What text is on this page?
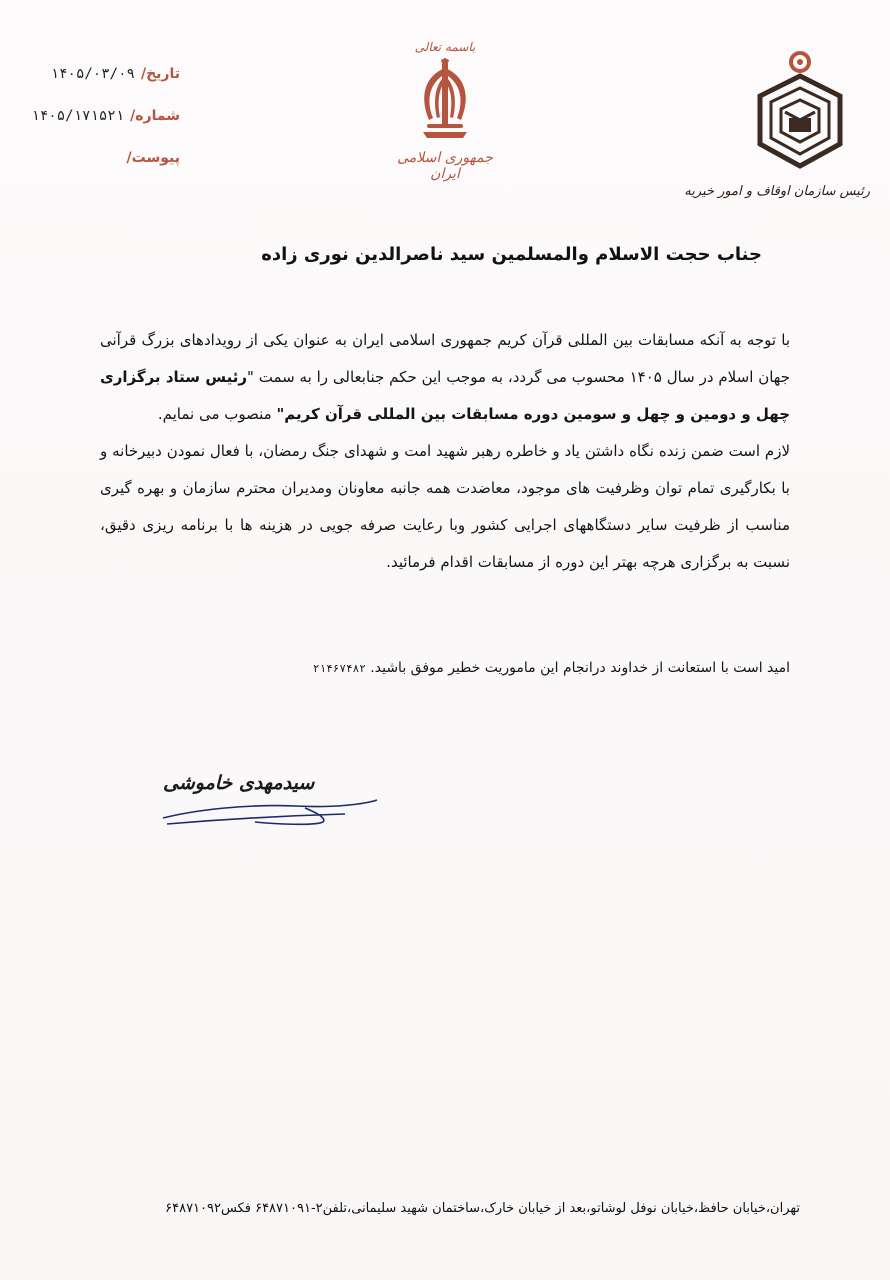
تاریخ/
۱۴۰۵/۰۳/۰۹
شماره/
۱۴۰۵/۱۷۱۵۲۱
پیوست/
باسمه تعالی
جمهوری اسلامی ایران
رئیس سازمان اوقاف و امور خیریه
جناب حجت الاسلام والمسلمین سید ناصرالدین نوری زاده

با توجه به آنکه مسابقات بین المللی قرآن کریم جمهوری اسلامی ایران به عنوان یکی از رویدادهای بزرگ قرآنی جهان اسلام در سال ۱۴۰۵ محسوب می گردد، به موجب این حکم جنابعالی را به سمت "رئیس ستاد برگزاری چهل و دومین و چهل و سومین دوره مسابقات بین المللی قرآن کریم" منصوب می نمایم.

لازم است ضمن زنده نگاه داشتن یاد و خاطره رهبر شهید امت و شهدای جنگ رمضان، با فعال نمودن دبیرخانه و با بکارگیری تمام توان وظرفیت های موجود، معاضدت همه جانبه معاونان ومدیران محترم سازمان و بهره گیری مناسب از ظرفیت سایر دستگاههای اجرایی کشور وبا رعایت صرفه جویی در هزینه ها با برنامه ریزی دقیق، نسبت به برگزاری هرچه بهتر این دوره از مسابقات اقدام فرمائید.

امید است با استعانت از خداوند درانجام این ماموریت خطیر موفق باشید. ۲۱۴۶۷۴۸۲
سیدمهدی خاموشی
تهران،خیابان حافظ،خیابان نوفل لوشاتو،بعد از خیابان خارک،ساختمان شهید سلیمانی،تلفن۲-۶۴۸۷۱۰۹۱ فکس۶۴۸۷۱۰۹۲
